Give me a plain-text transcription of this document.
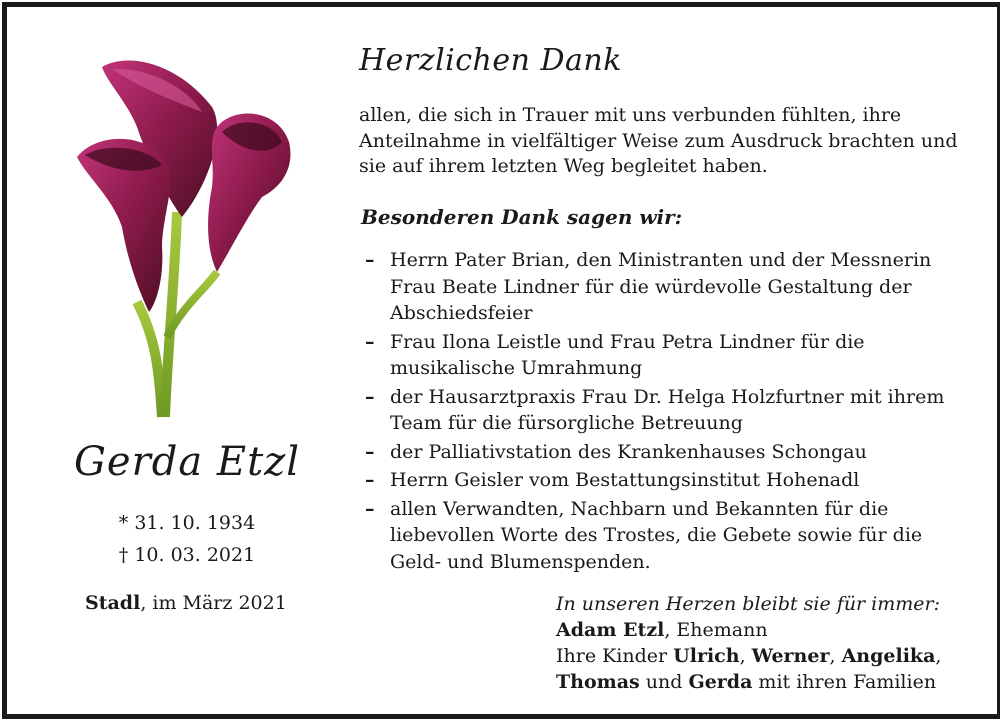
Gerda Etzl
* 31. 10. 1934
† 10. 03. 2021
Stadl, im März 2021
Herzlichen Dank
allen, die sich in Trauer mit uns verbunden fühlten, ihre Anteilnahme in vielfältiger Weise zum Ausdruck brachten und sie auf ihrem letzten Weg begleitet haben.
Besonderen Dank sagen wir:
– Herrn Pater Brian, den Ministranten und der Messnerin Frau Beate Lindner für die würdevolle Gestaltung der Abschiedsfeier
– Frau Ilona Leistle und Frau Petra Lindner für die musikalische Umrahmung
– der Hausarztpraxis Frau Dr. Helga Holzfurtner mit ihrem Team für die fürsorgliche Betreuung
– der Palliativstation des Krankenhauses Schongau
– Herrn Geisler vom Bestattungsinstitut Hohenadl
– allen Verwandten, Nachbarn und Bekannten für die liebevollen Worte des Trostes, die Gebete sowie für die Geld- und Blumenspenden.
In unseren Herzen bleibt sie für immer:
Adam Etzl, Ehemann
Ihre Kinder Ulrich, Werner, Angelika,
Thomas und Gerda mit ihren Familien
